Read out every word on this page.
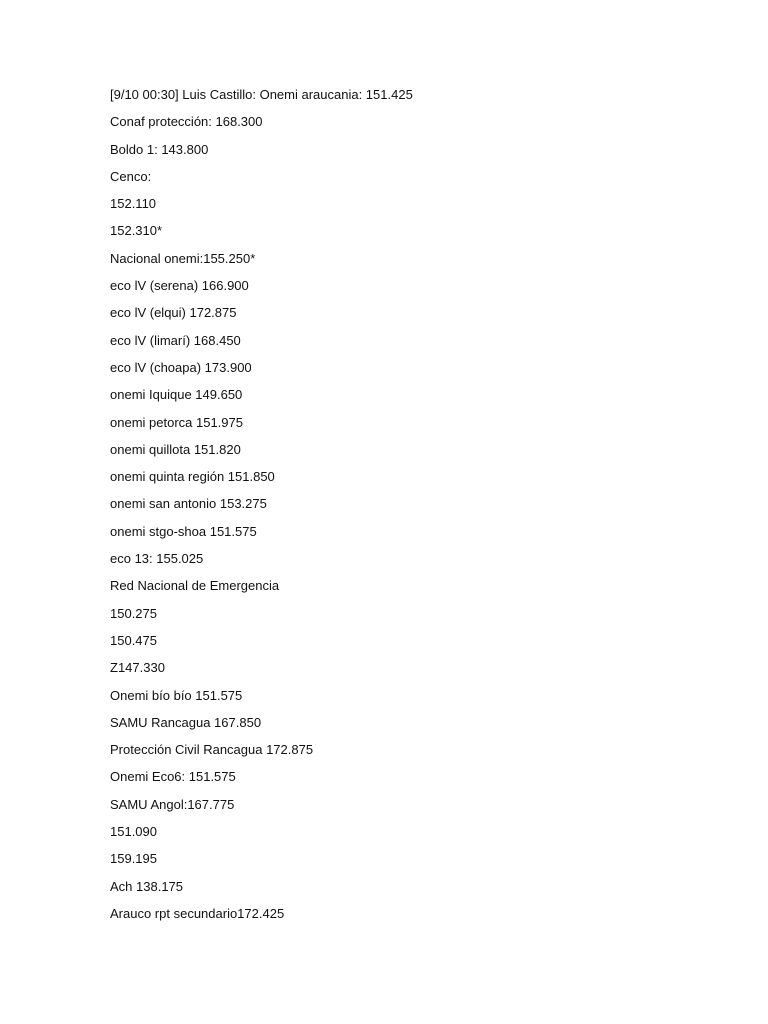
[9/10 00:30] Luis Castillo: Onemi araucania: 151.425
Conaf protección: 168.300
Boldo 1: 143.800
Cenco:
152.110
152.310*
Nacional onemi:155.250*
eco lV (serena) 166.900
eco lV (elqui) 172.875
eco lV (limarí) 168.450
eco lV (choapa) 173.900
onemi Iquique 149.650
onemi petorca 151.975
onemi quillota 151.820
onemi quinta región 151.850
onemi san antonio 153.275
onemi stgo-shoa 151.575
eco 13: 155.025
Red Nacional de Emergencia
150.275
150.475
Z147.330
Onemi bío bío 151.575
SAMU Rancagua 167.850
Protección Civil Rancagua 172.875
Onemi Eco6: 151.575
SAMU Angol:167.775
151.090
159.195
Ach 138.175
Arauco rpt secundario172.425
